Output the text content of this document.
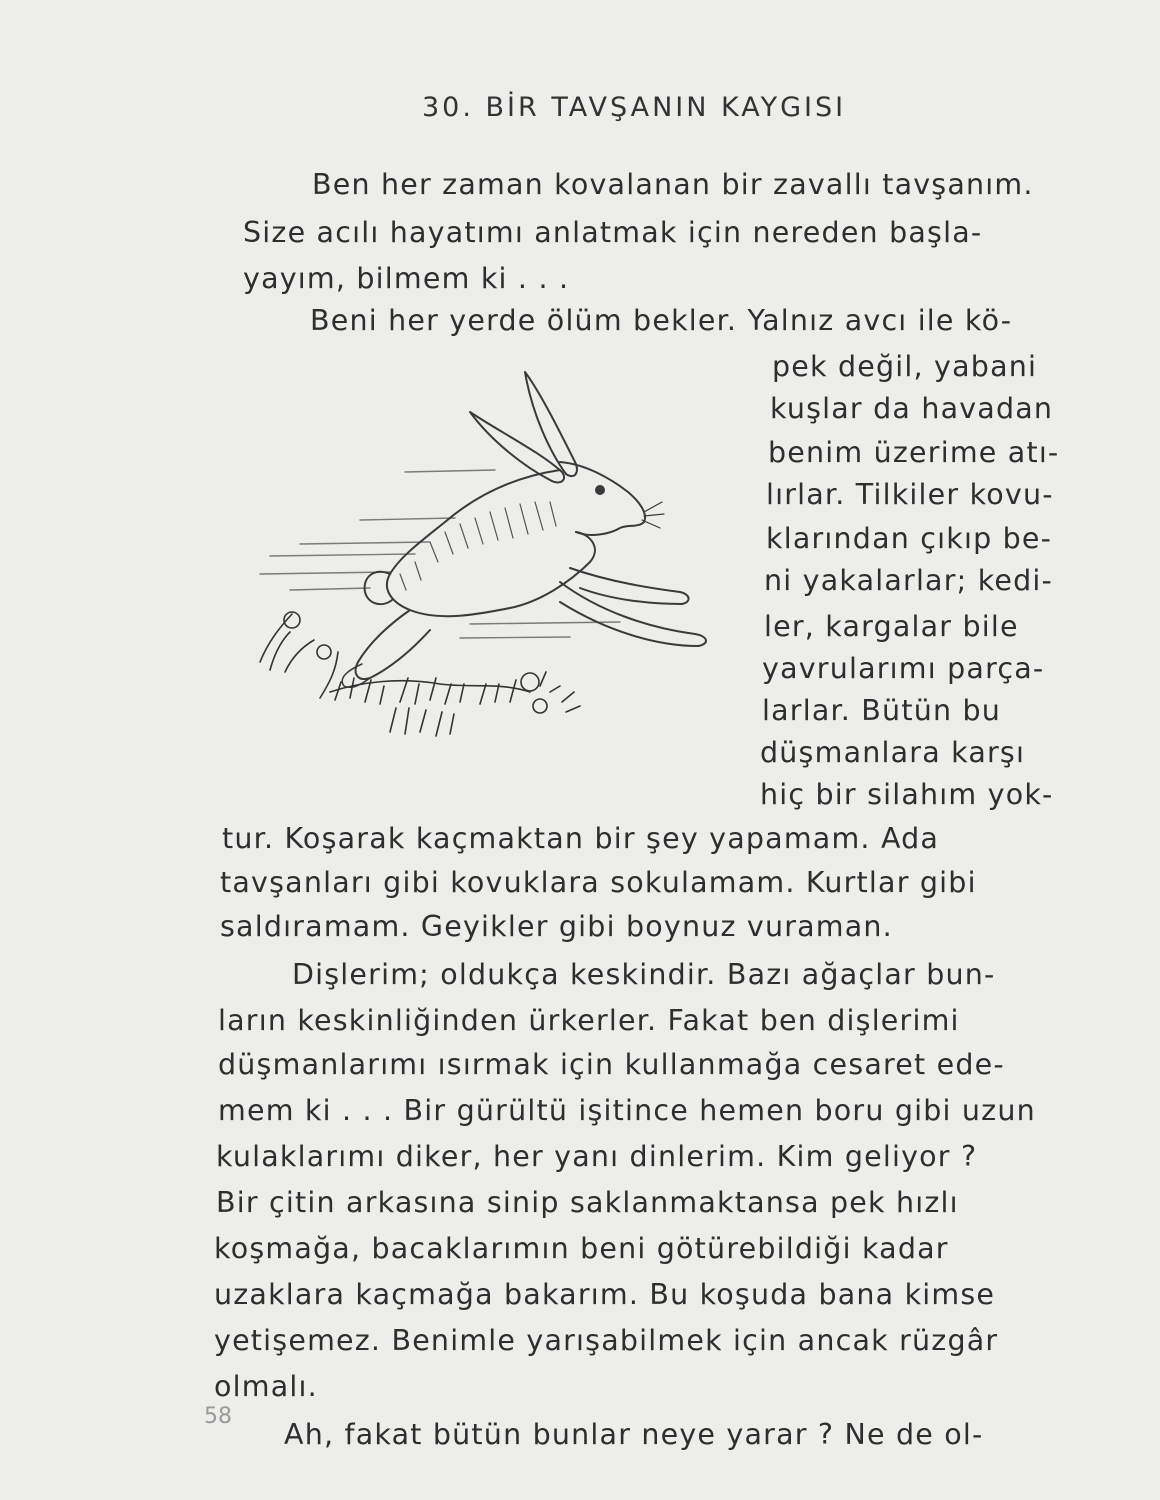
30. BİR TAVŞANIN KAYGISI
Ben her zaman kovalanan bir zavallı tavşanım.
Size acılı hayatımı anlatmak için nereden başla-
yayım, bilmem ki . . .
Beni her yerde ölüm bekler. Yalnız avcı ile kö-
pek değil, yabani
kuşlar da havadan
benim üzerime atı-
lırlar. Tilkiler kovu-
klarından çıkıp be-
ni yakalarlar; kedi-
ler, kargalar bile
yavrularımı parça-
larlar. Bütün bu
düşmanlara karşı
hiç bir silahım yok-
tur. Koşarak kaçmaktan bir şey yapamam. Ada
tavşanları gibi kovuklara sokulamam. Kurtlar gibi
saldıramam. Geyikler gibi boynuz vuraman.
Dişlerim; oldukça keskindir. Bazı ağaçlar bun-
ların keskinliğinden ürkerler. Fakat ben dişlerimi
düşmanlarımı ısırmak için kullanmağa cesaret ede-
mem ki . . . Bir gürültü işitince hemen boru gibi uzun
kulaklarımı diker, her yanı dinlerim. Kim geliyor ?
Bir çitin arkasına sinip saklanmaktansa pek hızlı
koşmağa, bacaklarımın beni götürebildiği kadar
uzaklara kaçmağa bakarım. Bu koşuda bana kimse
yetişemez. Benimle yarışabilmek için ancak rüzgâr
olmalı.
Ah, fakat bütün bunlar neye yarar ? Ne de ol-
58
